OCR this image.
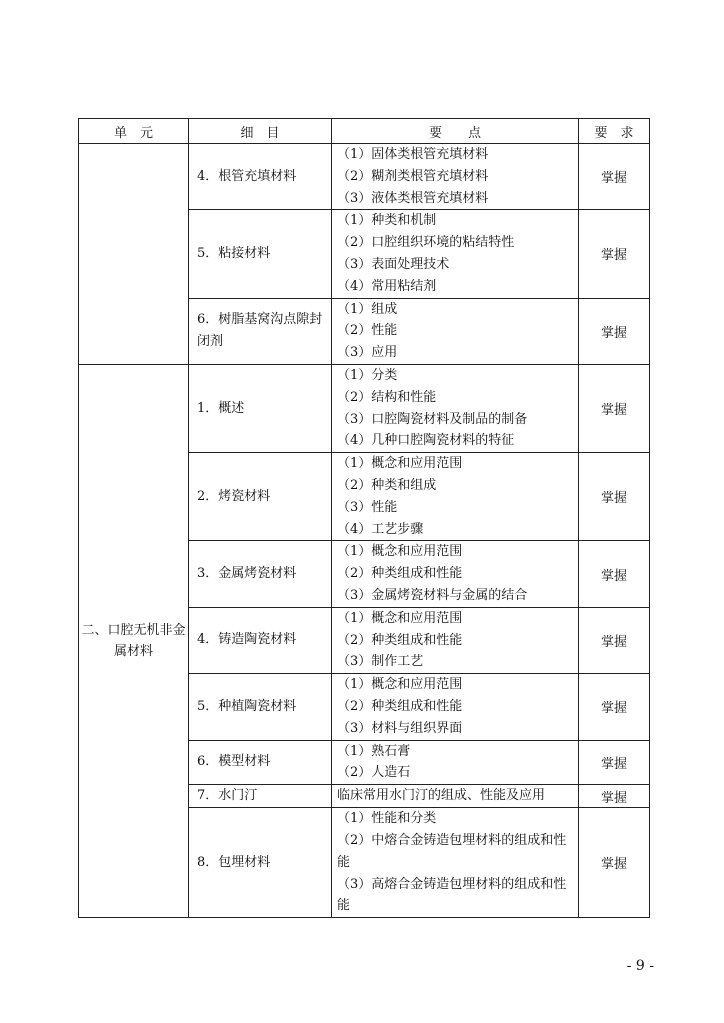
单　元	细　目	要　　点	要　求
	4．根管充填材料	（1）固体类根管充填材料
（2）糊剂类根管充填材料
（3）液体类根管充填材料	掌握
	5．粘接材料	（1）种类和机制
（2）口腔组织环境的粘结特性
（3）表面处理技术
（4）常用粘结剂	掌握
	6．树脂基窝沟点隙封闭剂	（1）组成
（2）性能
（3）应用	掌握
二、口腔无机非金属材料	1．概述	（1）分类
（2）结构和性能
（3）口腔陶瓷材料及制品的制备
（4）几种口腔陶瓷材料的特征	掌握
	2．烤瓷材料	（1）概念和应用范围
（2）种类和组成
（3）性能
（4）工艺步骤	掌握
	3．金属烤瓷材料	（1）概念和应用范围
（2）种类组成和性能
（3）金属烤瓷材料与金属的结合	掌握
	4．铸造陶瓷材料	（1）概念和应用范围
（2）种类组成和性能
（3）制作工艺	掌握
	5．种植陶瓷材料	（1）概念和应用范围
（2）种类组成和性能
（3）材料与组织界面	掌握
	6．模型材料	（1）熟石膏
（2）人造石	掌握
	7．水门汀	临床常用水门汀的组成、性能及应用	掌握
	8．包埋材料	（1）性能和分类
（2）中熔合金铸造包埋材料的组成和性能
（3）高熔合金铸造包埋材料的组成和性能	掌握
- 9 -
